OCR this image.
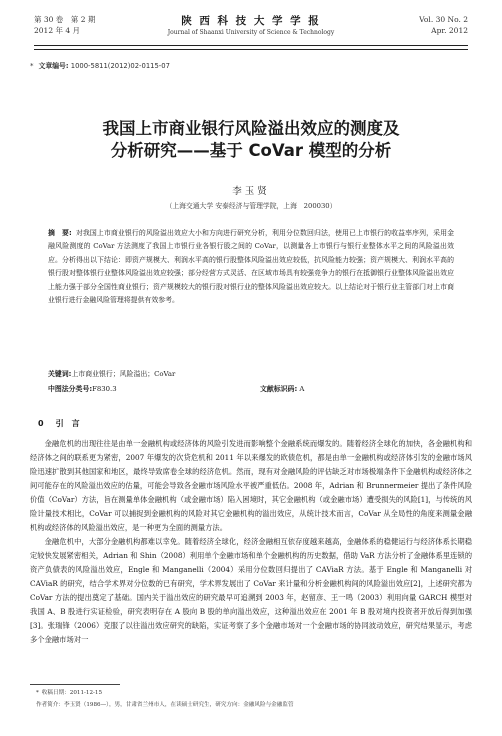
第 30 卷　第 2 期
2012 年 4 月
陕 西 科 技 大 学 学 报
Journal of Shaanxi University of Science & Technology
Vol. 30 No. 2
Apr. 2012
* 文章编号: 1000-5811(2012)02-0115-07
我国上市商业银行风险溢出效应的测度及
分析研究——基于 CoVar 模型的分析
李玉贤
（上海交通大学 安泰经济与管理学院，上海　200030）
摘　要: 对我国上市商业银行的风险溢出效应大小和方向进行研究分析，利用分位数回归法，使用已上市银行的收益率序列，采用金融风险测度的 CoVar 方法测度了我国上市银行业各银行股之间的 CoVar，以测量各上市银行与银行业整体水平之间的风险溢出效应。分析得出以下结论：即资产规模大、利润水平高的银行股整体风险溢出效应较低，抗风险能力较强；资产规模大、利润水平高的银行股对整体银行业整体风险溢出效应较强；部分经营方式灵活、在区域市场具有较强竞争力的银行在抵御银行业整体风险溢出效应上能力强于部分全国性商业银行；资产规模较大的银行股对银行业的整体风险溢出效应较大。以上结论对于银行业主管部门对上市商业银行进行金融风险管理将提供有效参考。
关键词:上市商业银行；风险溢出；CoVar
中图法分类号:F830.3	文献标识码: A
0 引　言

金融危机的出现往往是由单一金融机构或经济体的风险引发进而影响整个金融系统而爆发的。随着经济全球化的加快，各金融机构和经济体之间的联系更为紧密，2007 年爆发的次贷危机和 2011 年以来爆发的欧债危机，都是由单一金融机构或经济体引发的金融市场风险迅速扩散到其他国家和地区，最终导致席卷全球的经济危机。然而，现有对金融风险的评估缺乏对市场极端条件下金融机构或经济体之间可能存在的风险溢出效应的估量，可能会导致各金融市场风险水平被严重低估。2008 年，Adrian 和 Brunnermeier 提出了条件风险价值（CoVar）方法，旨在测量单体金融机构（或金融市场）陷入困境时，其它金融机构（或金融市场）遭受损失的风险[1]，与传统的风险计量技术相比，CoVar 可以捕捉到金融机构的风险对其它金融机构的溢出效应，从统计技术而言，CoVar 从全局性的角度来测量金融机构或经济体的风险溢出效应，是一种更为全面的测量方法。

金融危机中，大部分金融机构都难以幸免。随着经济全球化，经济金融相互依存度越来越高，金融体系的稳健运行与经济体系长期稳定较快发展紧密相关，Adrian 和 Shin（2008）利用单个金融市场和单个金融机构的历史数据，借助 VaR 方法分析了金融体系里连锁的资产负债表的风险溢出效应，Engle 和 Manganelli（2004）采用分位数回归提出了 CAViaR 方法。基于 Engle 和 Manganelli 对 CAViaR 的研究，结合学术界对分位数的已有研究，学术界发展出了 CoVar 来计量和分析金融机构间的风险溢出效应[2]，上述研究都为 CoVar 方法的提出奠定了基础。国内关于溢出效应的研究最早可追溯到 2003 年，赵留彦、王一鸣（2003）利用向量 GARCH 模型对我国 A、B 股进行实证检验，研究表明存在 A 股向 B 股的单向溢出效应，这种溢出效应在 2001 年 B 股对境内投资者开放后得到加强[3]。张瑞锋（2006）克服了以往溢出效应研究的缺陷，实证考察了多个金融市场对一个金融市场的协同波动效应，研究结果显示，考虑多个金融市场对一

* 收稿日期：2011-12-15
作者简介：李玉贤（1986—），男，甘肃省兰州市人，在读硕士研究生，研究方向：金融风险与金融监管
